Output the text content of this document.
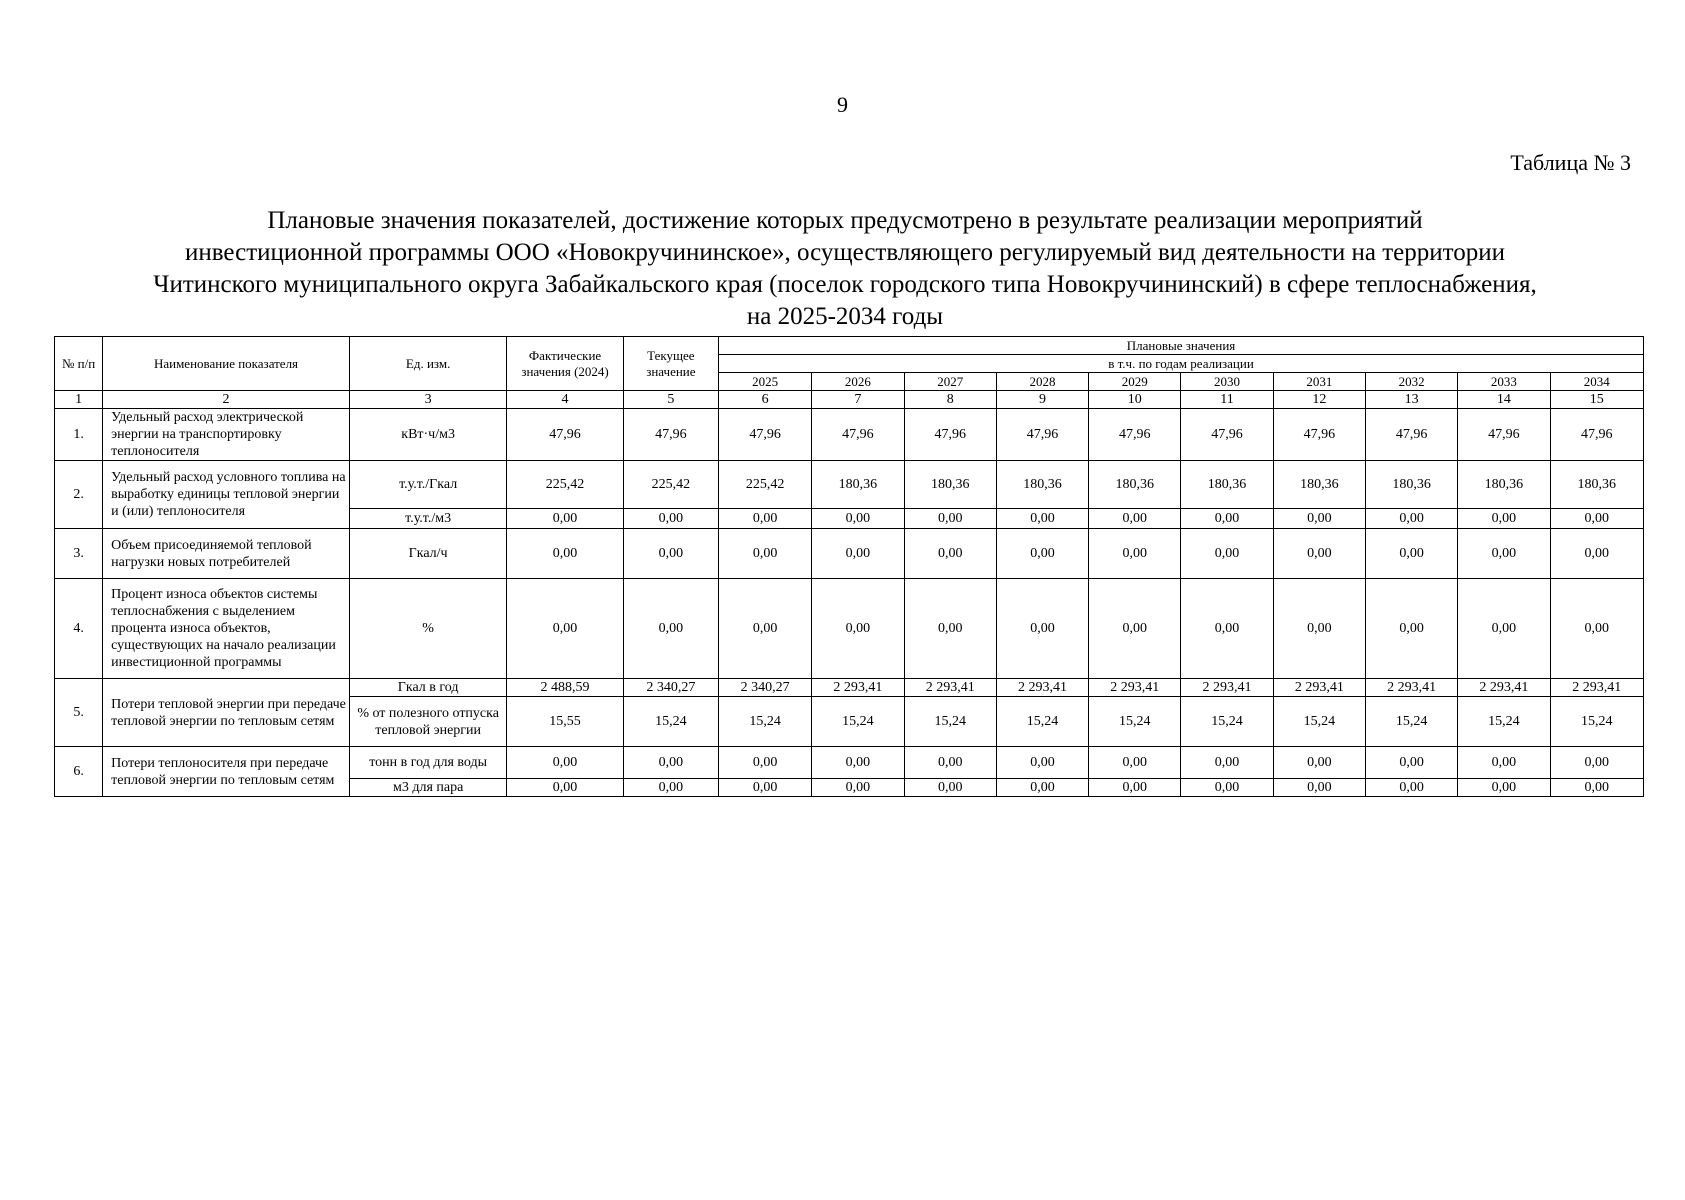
9
Таблица № 3
Плановые значения показателей, достижение которых предусмотрено в результате реализации мероприятий
инвестиционной программы ООО «Новокручининское», осуществляющего регулируемый вид деятельности на территории
Читинского муниципального округа Забайкальского края (поселок городского типа Новокручининский) в сфере теплоснабжения,
на 2025-2034 годы
№ п/п	Наименование показателя	Ед. изм.	Фактические значения (2024)	Текущее значение	Плановые значения									
					в т.ч. по годам реализации									
					2025	2026	2027	2028	2029	2030	2031	2032	2033	2034
1	2	3	4	5	6	7	8	9	10	11	12	13	14	15
1.	Удельный расход электрической энергии на транспортировку теплоносителя	кВт·ч/м3	47,96	47,96	47,96	47,96	47,96	47,96	47,96	47,96	47,96	47,96	47,96	47,96
2.	Удельный расход условного топлива на выработку единицы тепловой энергии и (или) теплоносителя	т.у.т./Гкал	225,42	225,42	225,42	180,36	180,36	180,36	180,36	180,36	180,36	180,36	180,36	180,36
		т.у.т./м3	0,00	0,00	0,00	0,00	0,00	0,00	0,00	0,00	0,00	0,00	0,00	0,00
3.	Объем присоединяемой тепловой нагрузки новых потребителей	Гкал/ч	0,00	0,00	0,00	0,00	0,00	0,00	0,00	0,00	0,00	0,00	0,00	0,00
4.	Процент износа объектов системы теплоснабжения с выделением процента износа объектов, существующих на начало реализации инвестиционной программы	%	0,00	0,00	0,00	0,00	0,00	0,00	0,00	0,00	0,00	0,00	0,00	0,00
5.	Потери тепловой энергии при передаче тепловой энергии по тепловым сетям	Гкал в год	2 488,59	2 340,27	2 340,27	2 293,41	2 293,41	2 293,41	2 293,41	2 293,41	2 293,41	2 293,41	2 293,41	2 293,41
		% от полезного отпуска тепловой энергии	15,55	15,24	15,24	15,24	15,24	15,24	15,24	15,24	15,24	15,24	15,24	15,24
6.	Потери теплоносителя при передаче тепловой энергии по тепловым сетям	тонн в год для воды	0,00	0,00	0,00	0,00	0,00	0,00	0,00	0,00	0,00	0,00	0,00	0,00
		м3 для пара	0,00	0,00	0,00	0,00	0,00	0,00	0,00	0,00	0,00	0,00	0,00	0,00
